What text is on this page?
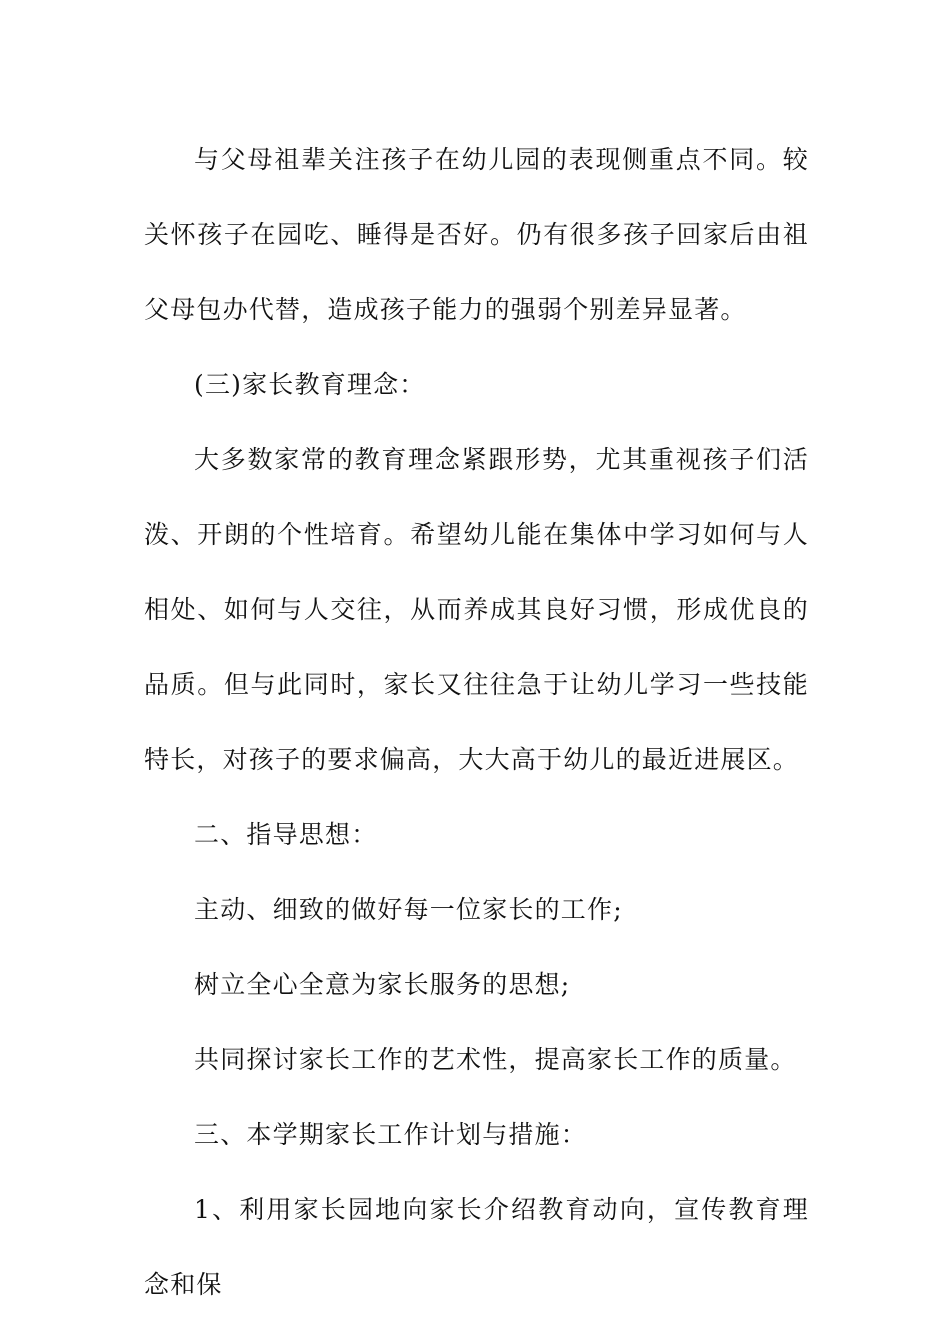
与父母祖辈关注孩子在幼儿园的表现侧重点不同。较关怀孩子在园吃、睡得是否好。仍有很多孩子回家后由祖父母包办代替，造成孩子能力的强弱个别差异显著。

(三)家长教育理念：

大多数家常的教育理念紧跟形势，尤其重视孩子们活泼、开朗的个性培育。希望幼儿能在集体中学习如何与人相处、如何与人交往，从而养成其良好习惯，形成优良的品质。但与此同时，家长又往往急于让幼儿学习一些技能特长，对孩子的要求偏高，大大高于幼儿的最近进展区。

二、指导思想：

主动、细致的做好每一位家长的工作;

树立全心全意为家长服务的思想;

共同探讨家长工作的艺术性，提高家长工作的质量。

三、本学期家长工作计划与措施：

1、利用家长园地向家长介绍教育动向，宣传教育理念和保
